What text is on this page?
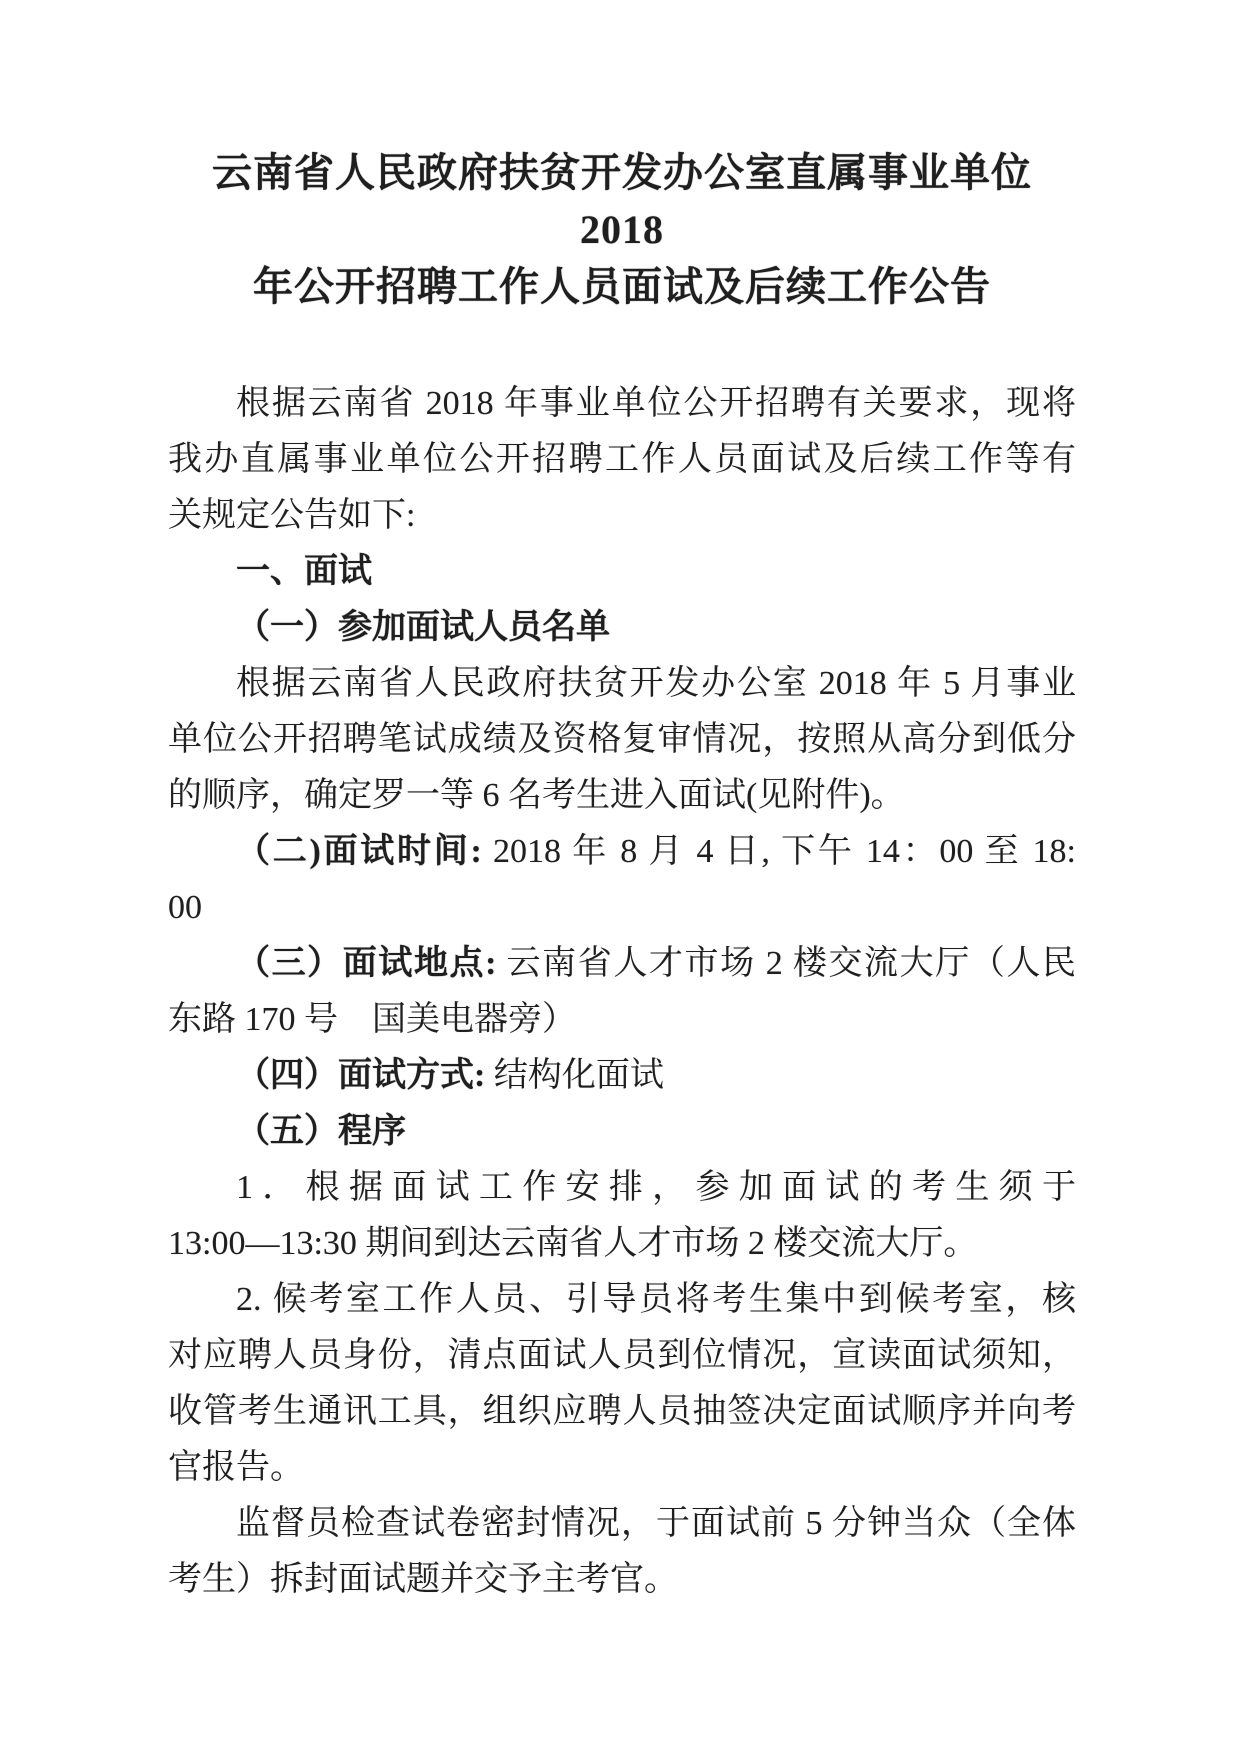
云南省人民政府扶贫开发办公室直属事业单位 2018
年公开招聘工作人员面试及后续工作公告
根据云南省 2018 年事业单位公开招聘有关要求，现将
我办直属事业单位公开招聘工作人员面试及后续工作等有
关规定公告如下:
一、面试
（一）参加面试人员名单
根据云南省人民政府扶贫开发办公室 2018 年 5 月事业
单位公开招聘笔试成绩及资格复审情况，按照从高分到低分
的顺序，确定罗一等 6 名考生进入面试(见附件)。
（二)面试时间: 2018 年 8 月 4 日, 下午 14：00 至 18:
00
（三）面试地点: 云南省人才市场 2 楼交流大厅（人民
东路 170 号　国美电器旁）
（四）面试方式: 结构化面试
（五）程序
1．根据面试工作安排，参加面试的考生须于
13:00—13:30 期间到达云南省人才市场 2 楼交流大厅。
2. 候考室工作人员、引导员将考生集中到候考室，核
对应聘人员身份，清点面试人员到位情况，宣读面试须知，
收管考生通讯工具，组织应聘人员抽签决定面试顺序并向考
官报告。
监督员检查试卷密封情况，于面试前 5 分钟当众（全体
考生）拆封面试题并交予主考官。
